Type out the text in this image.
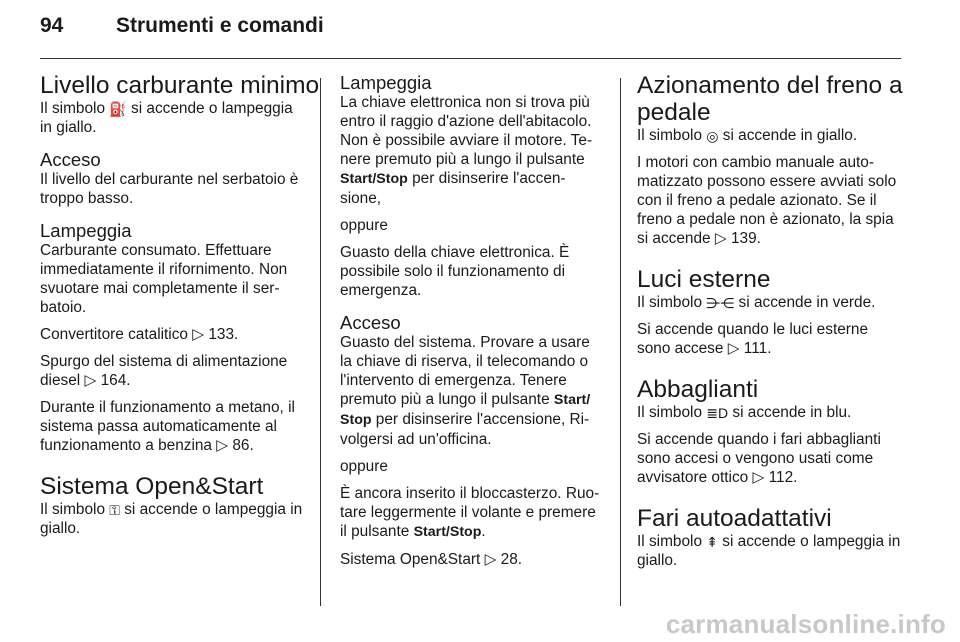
94	Strumenti e comandi
Livello carburante minimo

Il simbolo ⛽ si accende o lampeggia in giallo.

Acceso

Il livello del carburante nel serbatoio è troppo basso.

Lampeggia

Carburante consumato. Effettuare immediatamente il rifornimento. Non svuotare mai completamente il ser- batoio.

Convertitore catalitico ▷ 133.

Spurgo del sistema di alimentazione diesel ▷ 164.

Durante il funzionamento a metano, il sistema passa automaticamente al funzionamento a benzina ▷ 86.

Sistema Open&Start

Il simbolo ⚿ si accende o lampeggia in giallo.

Lampeggia

La chiave elettronica non si trova più entro il raggio d'azione dell'abitacolo. Non è possibile avviare il motore. Te- nere premuto più a lungo il pulsante Start/Stop per disinserire l'accen- sione,

oppure

Guasto della chiave elettronica. È possibile solo il funzionamento di emergenza.

Acceso

Guasto del sistema. Provare a usare la chiave di riserva, il telecomando o l'intervento di emergenza. Tenere premuto più a lungo il pulsante Start/ Stop per disinserire l'accensione, Ri- volgersi ad un'officina.

oppure

È ancora inserito il bloccasterzo. Ruo- tare leggermente il volante e premere il pulsante Start/Stop.

Sistema Open&Start ▷ 28.

Azionamento del freno a pedale

Il simbolo ◎ si accende in giallo.

I motori con cambio manuale auto- matizzato possono essere avviati solo con il freno a pedale azionato. Se il freno a pedale non è azionato, la spia si accende ▷ 139.

Luci esterne

Il simbolo ⋺⋲ si accende in verde.

Si accende quando le luci esterne sono accese ▷ 111.

Abbaglianti

Il simbolo ≣D si accende in blu.

Si accende quando i fari abbaglianti sono accesi o vengono usati come avvisatore ottico ▷ 112.

Fari autoadattativi

Il simbolo ⇞ si accende o lampeggia in giallo.

carmanualsonline.info
